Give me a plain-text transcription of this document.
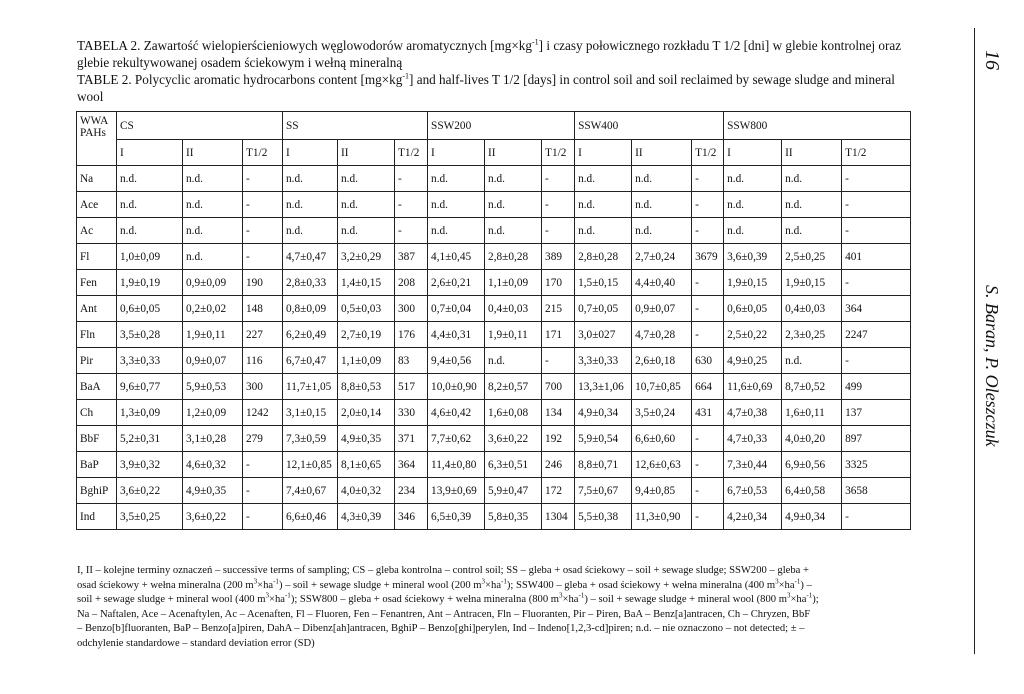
TABELA 2. Zawartość wielopierścieniowych węglowodorów aromatycznych $[mg\times kg^{-1}]$ i czasy połowicznego rozkładu T 1/2 [dni] w glebie kontrolnej oraz glebie rekultywowanej osadem ściekowym i wełną mineralną

TABLE 2. Polycyclic aromatic hydrocarbons content $[mg\times kg^{-1}]$ and half-lives T 1/2 [days] in control soil and soil reclaimed by sewage sludge and mineral wool

WWA
PAHs	CS			SS			SSW200			SSW400			SSW800		
	I	II	T1/2	I	II	T1/2	I	II	T1/2	I	II	T1/2	I	II	T1/2
Na	n.d.	n.d.	-	n.d.	n.d.	-	n.d.	n.d.	-	n.d.	n.d.	-	n.d.	n.d.	-
Ace	n.d.	n.d.	-	n.d.	n.d.	-	n.d.	n.d.	-	n.d.	n.d.	-	n.d.	n.d.	-
Ac	n.d.	n.d.	-	n.d.	n.d.	-	n.d.	n.d.	-	n.d.	n.d.	-	n.d.	n.d.	-
Fl	1,0±0,09	n.d.	-	4,7±0,47	3,2±0,29	387	4,1±0,45	2,8±0,28	389	2,8±0,28	2,7±0,24	3679	3,6±0,39	2,5±0,25	401
Fen	1,9±0,19	0,9±0,09	190	2,8±0,33	1,4±0,15	208	2,6±0,21	1,1±0,09	170	1,5±0,15	4,4±0,40	-	1,9±0,15	1,9±0,15	-
Ant	0,6±0,05	0,2±0,02	148	0,8±0,09	0,5±0,03	300	0,7±0,04	0,4±0,03	215	0,7±0,05	0,9±0,07	-	0,6±0,05	0,4±0,03	364
Fln	3,5±0,28	1,9±0,11	227	6,2±0,49	2,7±0,19	176	4,4±0,31	1,9±0,11	171	3,0±027	4,7±0,28	-	2,5±0,22	2,3±0,25	2247
Pir	3,3±0,33	0,9±0,07	116	6,7±0,47	1,1±0,09	83	9,4±0,56	n.d.	-	3,3±0,33	2,6±0,18	630	4,9±0,25	n.d.	-
BaA	9,6±0,77	5,9±0,53	300	11,7±1,05	8,8±0,53	517	10,0±0,90	8,2±0,57	700	13,3±1,06	10,7±0,85	664	11,6±0,69	8,7±0,52	499
Ch	1,3±0,09	1,2±0,09	1242	3,1±0,15	2,0±0,14	330	4,6±0,42	1,6±0,08	134	4,9±0,34	3,5±0,24	431	4,7±0,38	1,6±0,11	137
BbF	5,2±0,31	3,1±0,28	279	7,3±0,59	4,9±0,35	371	7,7±0,62	3,6±0,22	192	5,9±0,54	6,6±0,60	-	4,7±0,33	4,0±0,20	897
BaP	3,9±0,32	4,6±0,32	-	12,1±0,85	8,1±0,65	364	11,4±0,80	6,3±0,51	246	8,8±0,71	12,6±0,63	-	7,3±0,44	6,9±0,56	3325
BghiP	3,6±0,22	4,9±0,35	-	7,4±0,67	4,0±0,32	234	13,9±0,69	5,9±0,47	172	7,5±0,67	9,4±0,85	-	6,7±0,53	6,4±0,58	3658
Ind	3,5±0,25	3,6±0,22	-	6,6±0,46	4,3±0,39	346	6,5±0,39	5,8±0,35	1304	5,5±0,38	11,3±0,90	-	4,2±0,34	4,9±0,34	-

I, II – kolejne terminy oznaczeń – successive terms of sampling; CS – gleba kontrolna – control soil; SS – gleba + osad ściekowy – soil + sewage sludge; SSW200 – gleba +

osad ściekowy + wełna mineralna (200 $m^3\times ha^{-1}$) – soil + sewage sludge + mineral wool (200 $m^3\times ha^{-1}$); SSW400 – gleba + osad ściekowy + wełna mineralna (400 $m^3\times ha^{-1}$) –

soil + sewage sludge + mineral wool (400 $m^3\times ha^{-1}$); SSW800 – gleba + osad ściekowy + wełna mineralna (800 $m^3\times ha^{-1}$) – soil + sewage sludge + mineral wool (800 $m^3\times ha^{-1}$);

Na – Naftalen, Ace – Acenaftylen, Ac – Acenaften, Fl – Fluoren, Fen – Fenantren, Ant – Antracen, Fln – Fluoranten, Pir – Piren, BaA – Benz[a]antracen, Ch – Chryzen, BbF

– Benzo[b]fluoranten, BaP – Benzo[a]piren, DahA – Dibenz[ah]antracen, BghiP – Benzo[ghi]perylen, Ind – Indeno[1,2,3-cd]piren; n.d. – nie oznaczono – not detected; ± –

odchylenie standardowe – standard deviation error (SD)

16
S. Baran, P. Oleszczuk
